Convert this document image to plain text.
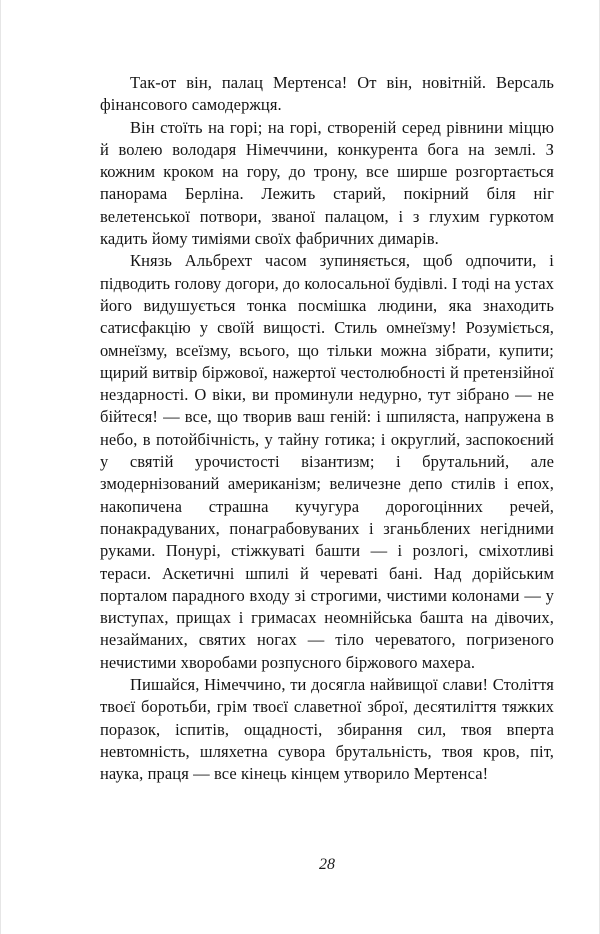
Так-от він, палац Мертенса! От він, новітній. Версаль фінансового самодержця.

Він стоїть на горі; на горі, створеній серед рівнини міццю й волею володаря Німеччини, конкурента бога на землі. З кожним кроком на гору, до трону, все ширше розгортається панорама Берліна. Лежить старий, покірний біля ніг велетенської потвори, званої палацом, і з глухим гуркотом кадить йому тиміями своїх фабричних димарів.

Князь Альбрехт часом зупиняється, щоб одпочити, і підводить голову догори, до колосальної будівлі. І тоді на устах його видушується тонка посмішка людини, яка знаходить сатисфакцію у своїй вищості. Стиль омнеїзму! Розуміється, омнеїзму, всеїзму, всього, що тільки можна зібрати, купити; щирий витвір біржової, нажертої честолюбності й претензійної нездарності. О віки, ви проминули недурно, тут зібрано — не бійтеся! — все, що творив ваш геній: і шпиляста, напружена в небо, в потойбічність, у тайну готика; і округлий, заспокоєний у святій урочистості візантизм; і брутальний, але змодернізований американізм; величезне депо стилів і епох, накопичена страшна кучугура дорогоцінних речей, понакрадуваних, понаграбовуваних і зганьблених негідними руками. Понурі, стіжкуваті башти — і розлогі, сміхотливі тераси. Аскетичні шпилі й череваті бані. Над дорійським порталом парадного входу зі строгими, чистими колонами — у виступах, прищах і гримасах неомнійська башта на дівочих, незайманих, святих ногах — тіло череватого, погризеного нечистими хворобами розпусного біржового махера.

Пишайся, Німеччино, ти досягла найвищої слави! Століття твоєї боротьби, грім твоєї славетної зброї, десятиліття тяжких поразок, іспитів, ощадності, збирання сил, твоя вперта невтомність, шляхетна сувора брутальність, твоя кров, піт, наука, праця — все кінець кінцем утворило Мертенса!

28
